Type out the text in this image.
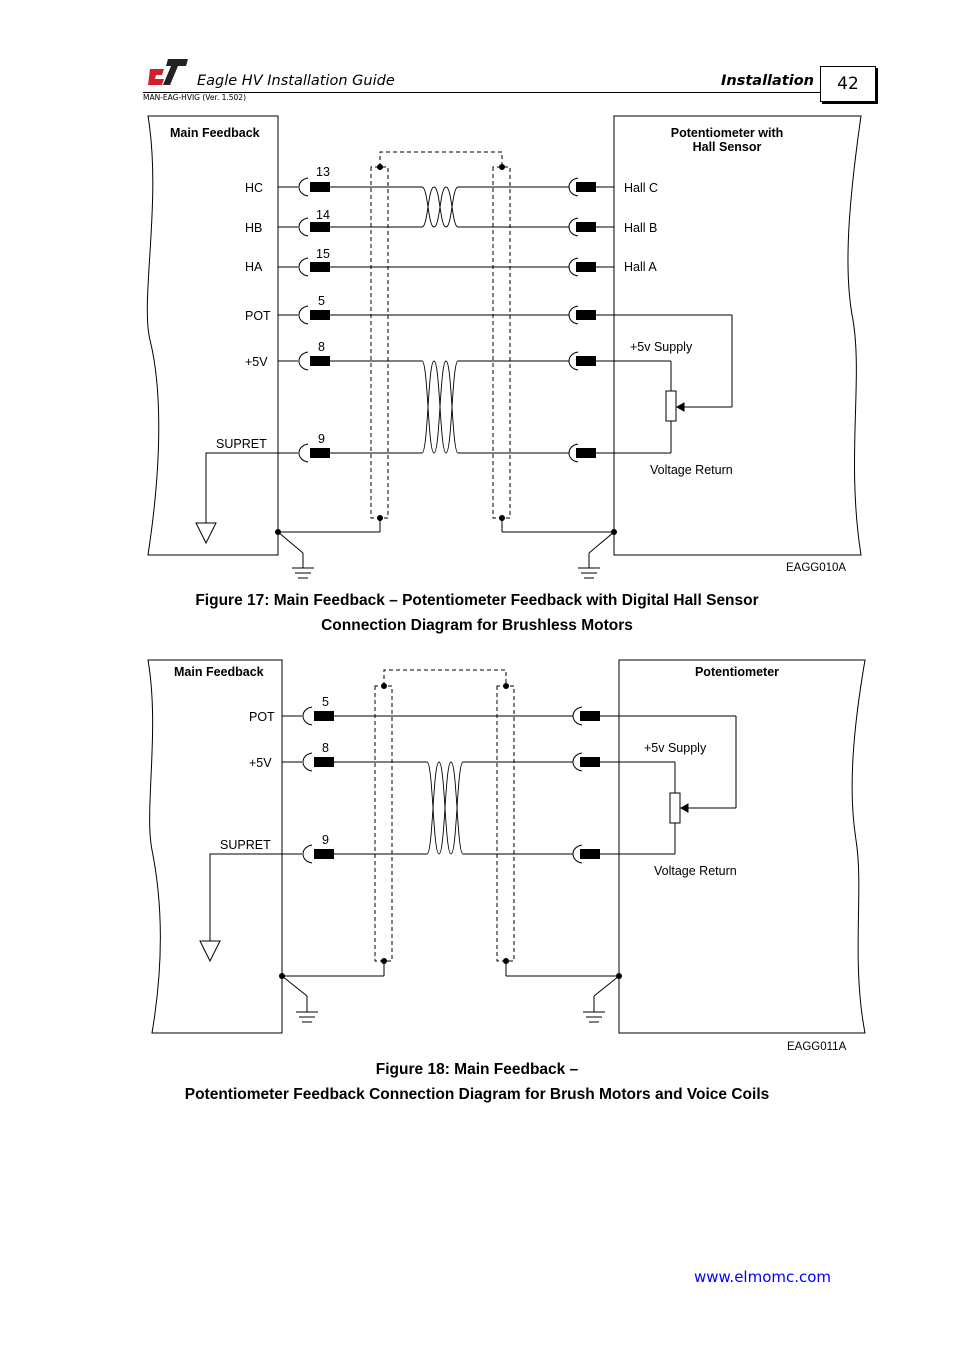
Eagle HV Installation Guide	Installation
MAN-EAG-HVIG (Ver. 1.502)
42
Main Feedback	Potentiometer with
Hall Sensor
HC
HB
HA
POT
+5V
SUPRET
13
14
15
5
8
9
Hall C
Hall B
Hall A
+5v Supply
Voltage Return
EAGG010A
Main Feedback	Potentiometer
POT
+5V
SUPRET
5
8
9
+5v Supply
Voltage Return
EAGG011A
Figure 17: Main Feedback – Potentiometer Feedback with Digital Hall Sensor
Connection Diagram for Brushless Motors
Figure 18: Main Feedback –
Potentiometer Feedback Connection Diagram for Brush Motors and Voice Coils
www.elmomc.com
